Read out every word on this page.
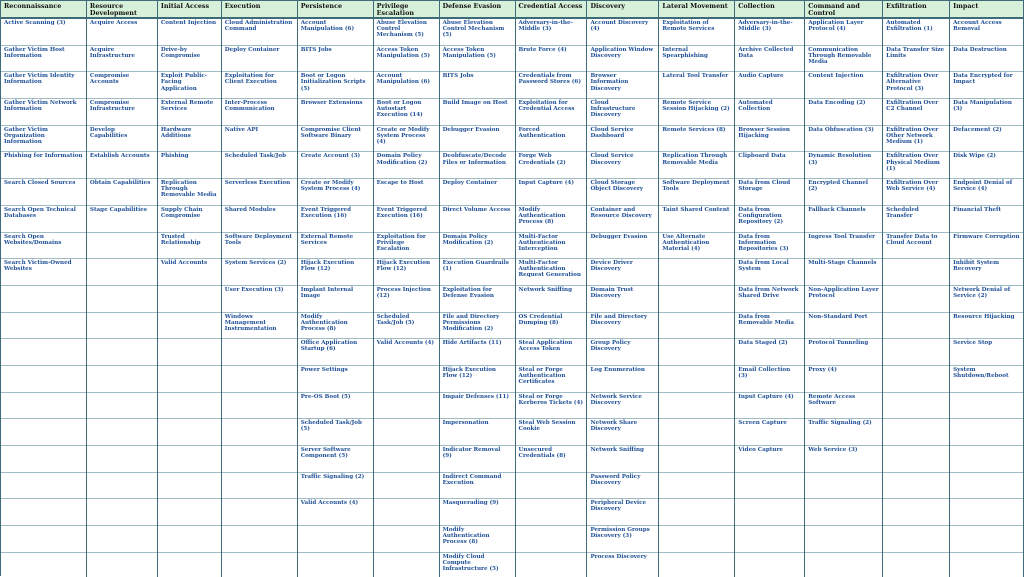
Reconnaissance
Active Scanning (3)
Gather Victim Host Information
Gather Victim Identity Information
Gather Victim Network Information
Gather Victim Organization Information
Phishing for Information
Search Closed Sources
Search Open Technical Databases
Search Open Websites/Domains
Search Victim-Owned Websites
Resource Development
Acquire Access
Acquire Infrastructure
Compromise Accounts
Compromise Infrastructure
Develop Capabilities
Establish Accounts
Obtain Capabilities
Stage Capabilities
Initial Access
Content Injection
Drive-by Compromise
Exploit Public-Facing Application
External Remote Services
Hardware Additions
Phishing
Replication Through Removable Media
Supply Chain Compromise
Trusted Relationship
Valid Accounts
Execution
Cloud Administration Command
Deploy Container
Exploitation for Client Execution
Inter-Process Communication
Native API
Scheduled Task/Job
Serverless Execution
Shared Modules
Software Deployment Tools
System Services (2)
User Execution (3)
Windows Management Instrumentation
Persistence
Account Manipulation (6)
BITS Jobs
Boot or Logon Initialization Scripts (5)
Browser Extensions
Compromise Client Software Binary
Create Account (3)
Create or Modify System Process (4)
Event Triggered Execution (16)
External Remote Services
Hijack Execution Flow (12)
Implant Internal Image
Modify Authentication Process (8)
Office Application Startup (6)
Power Settings
Pre-OS Boot (5)
Scheduled Task/Job (5)
Server Software Component (5)
Traffic Signaling (2)
Valid Accounts (4)
Privilege Escalation
Abuse Elevation Control Mechanism (5)
Access Token Manipulation (5)
Account Manipulation (6)
Boot or Logon Autostart Execution (14)
Create or Modify System Process (4)
Domain Policy Modification (2)
Escape to Host
Event Triggered Execution (16)
Exploitation for Privilege Escalation
Hijack Execution Flow (12)
Process Injection (12)
Scheduled Task/Job (5)
Valid Accounts (4)
Defense Evasion
Abuse Elevation Control Mechanism (5)
Access Token Manipulation (5)
BITS Jobs
Build Image on Host
Debugger Evasion
Deobfuscate/Decode Files or Information
Deploy Container
Direct Volume Access
Domain Policy Modification (2)
Execution Guardrails (1)
Exploitation for Defense Evasion
File and Directory Permissions Modification (2)
Hide Artifacts (11)
Hijack Execution Flow (12)
Impair Defenses (11)
Impersonation
Indicator Removal (9)
Indirect Command Execution
Masquerading (9)
Modify Authentication Process (8)
Modify Cloud Compute Infrastructure (5)
Credential Access
Adversary-in-the-Middle (3)
Brute Force (4)
Credentials from Password Stores (6)
Exploitation for Credential Access
Forced Authentication
Forge Web Credentials (2)
Input Capture (4)
Modify Authentication Process (8)
Multi-Factor Authentication Interception
Multi-Factor Authentication Request Generation
Network Sniffing
OS Credential Dumping (8)
Steal Application Access Token
Steal or Forge Authentication Certificates
Steal or Forge Kerberos Tickets (4)
Steal Web Session Cookie
Unsecured Credentials (8)
Discovery
Account Discovery (4)
Application Window Discovery
Browser Information Discovery
Cloud Infrastructure Discovery
Cloud Service Dashboard
Cloud Service Discovery
Cloud Storage Object Discovery
Container and Resource Discovery
Debugger Evasion
Device Driver Discovery
Domain Trust Discovery
File and Directory Discovery
Group Policy Discovery
Log Enumeration
Network Service Discovery
Network Share Discovery
Network Sniffing
Password Policy Discovery
Peripheral Device Discovery
Permission Groups Discovery (3)
Process Discovery
Lateral Movement
Exploitation of Remote Services
Internal Spearphishing
Lateral Tool Transfer
Remote Service Session Hijacking (2)
Remote Services (8)
Replication Through Removable Media
Software Deployment Tools
Taint Shared Content
Use Alternate Authentication Material (4)
Collection
Adversary-in-the-Middle (3)
Archive Collected Data
Audio Capture
Automated Collection
Browser Session Hijacking
Clipboard Data
Data from Cloud Storage
Data from Configuration Repository (2)
Data from Information Repositories (3)
Data from Local System
Data from Network Shared Drive
Data from Removable Media
Data Staged (2)
Email Collection (3)
Input Capture (4)
Screen Capture
Video Capture
Command and Control
Application Layer Protocol (4)
Communication Through Removable Media
Content Injection
Data Encoding (2)
Data Obfuscation (3)
Dynamic Resolution (3)
Encrypted Channel (2)
Fallback Channels
Ingress Tool Transfer
Multi-Stage Channels
Non-Application Layer Protocol
Non-Standard Port
Protocol Tunneling
Proxy (4)
Remote Access Software
Traffic Signaling (2)
Web Service (3)
Exfiltration
Automated Exfiltration (1)
Data Transfer Size Limits
Exfiltration Over Alternative Protocol (3)
Exfiltration Over C2 Channel
Exfiltration Over Other Network Medium (1)
Exfiltration Over Physical Medium (1)
Exfiltration Over Web Service (4)
Scheduled Transfer
Transfer Data to Cloud Account
Impact
Account Access Removal
Data Destruction
Data Encrypted for Impact
Data Manipulation (3)
Defacement (2)
Disk Wipe (2)
Endpoint Denial of Service (4)
Financial Theft
Firmware Corruption
Inhibit System Recovery
Network Denial of Service (2)
Resource Hijacking
Service Stop
System Shutdown/Reboot
